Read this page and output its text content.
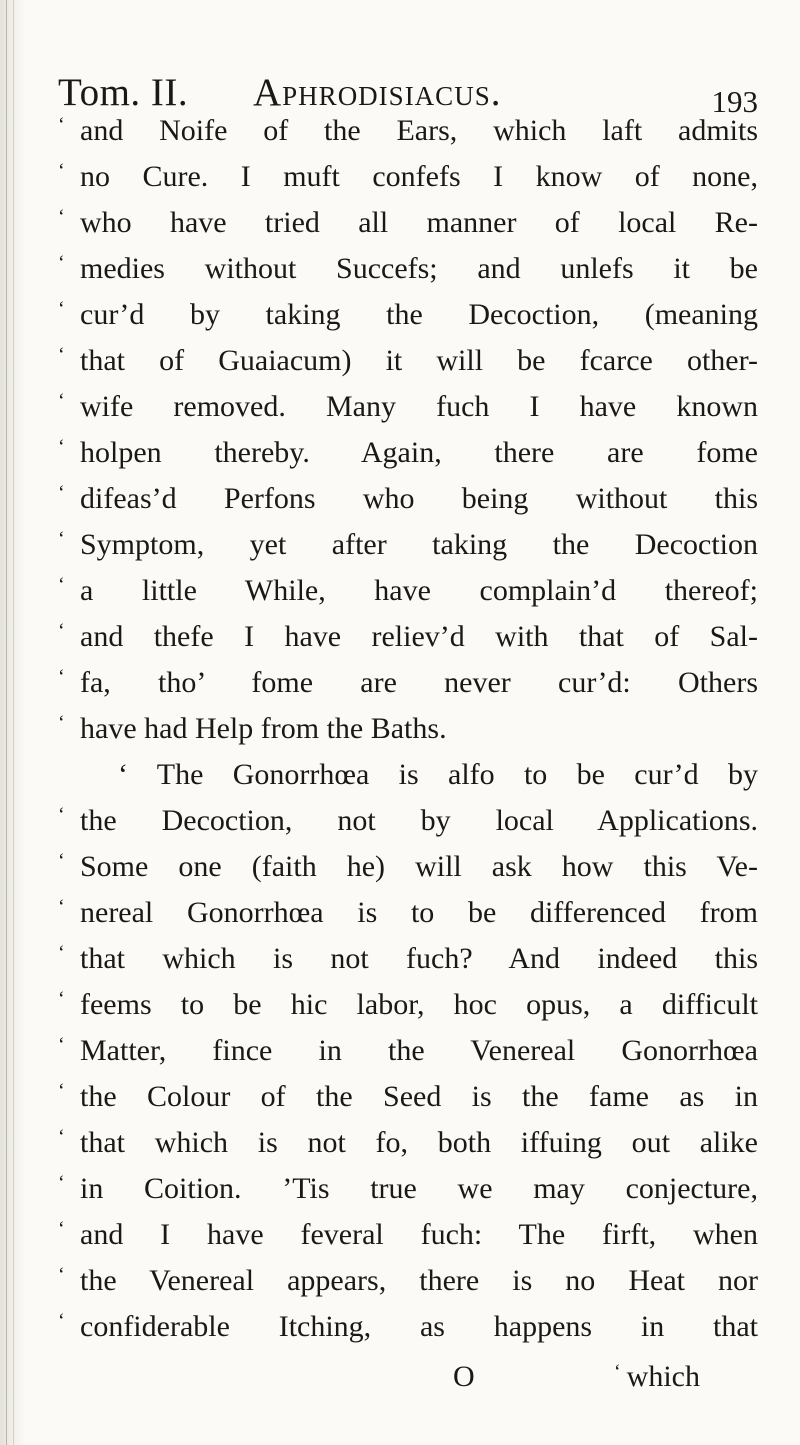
Tom. II. Aphrodisiacus.	193
‘ and Noife of the Ears, which laft admits
‘ no Cure. I muft confefs I know of none,
‘ who have tried all manner of local Re-
‘ medies without Succefs; and unlefs it be
‘ cur’d by taking the Decoction, (meaning
‘ that of Guaiacum) it will be fcarce other-
‘ wife removed. Many fuch I have known
‘ holpen thereby. Again, there are fome
‘ difeas’d Perfons who being without this
‘ Symptom, yet after taking the Decoction
‘ a little While, have complain’d thereof;
‘ and thefe I have reliev’d with that of Sal-
‘ fa, tho’ fome are never cur’d: Others
‘ have had Help from the Baths.
‘ The Gonorrhœa is alfo to be cur’d by
‘ the Decoction, not by local Applications.
‘ Some one (faith he) will ask how this Ve-
‘ nereal Gonorrhœa is to be differenced from
‘ that which is not fuch? And indeed this
‘ feems to be hic labor, hoc opus, a difficult
‘ Matter, fince in the Venereal Gonorrhœa
‘ the Colour of the Seed is the fame as in
‘ that which is not fo, both iffuing out alike
‘ in Coition. ’Tis true we may conjecture,
‘ and I have feveral fuch: The firft, when
‘ the Venereal appears, there is no Heat nor
‘ confiderable Itching, as happens in that
O	‘ which
